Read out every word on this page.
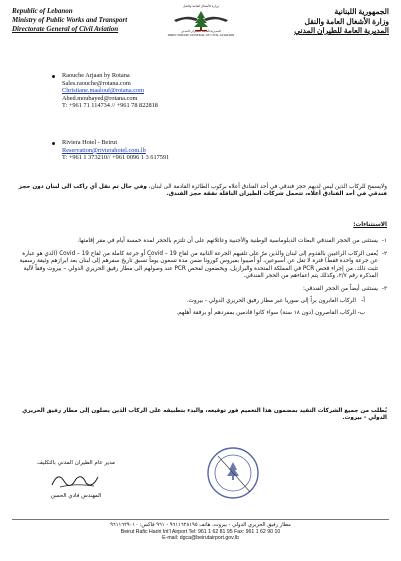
Republic of Lebanon
Ministry of Public Works and Transport
Directorate General of Civil Aviation
وزارة الأشغال العامة والنقل
المديرية العامة للطيران المدني
DIRECTORATE GENERAL OF CIVIL AVIATION
الجمهورية اللبنانية
وزارة الأشغال العامة والنقل
المديرية العامة للطيران المدني
Raouche Arjaan by Rotana
Sales.raouche@rotana.com
Christiane.maalouf@rotana.com
Abed.moubayed@rotana.com
T: +961 71 114734 // +961 78 822818
Riviera Hotel - Beirut
Reservation@rivierahotel.com.lb
T: +961 1 373210// +961 0096 1 3 617591
ولايسمح للركاب الذين ليس لديهم حجز فندقي في أحد الفنادق أعلاه بركوب الطائرة القادمة الى لبنان، وفي حال تم نقل أي راكب الى لبنان دون حجز فندقي في أحد الفنادق أعلاه، تتحمل شركات الطيران الناقلة نفقة حجز الفندق.
الاستثناءات:
١-
يستثنى من الحجر الفندقي البعثات الدبلوماسية الوطنية والأجنبية وعائلاتهم على أن تلتزم بالحجر لمدة خمسة أيام في مقر إقامتها.
٢-
يُعفى الركاب الراغبين بالقدوم إلى لبنان والذين مرّ على تلقيهم الجرعة الثانية من لقاح Covid – 19 أو جرعة كاملة من لقاح Covid – 19 (الذي هو عبارة عن جرعة واحدة فقط) فترة لا تقل عن أسبوعين، أو أصيبوا بفيروس كورونا ضمن مدة تسعون يوماً تسبق تاريخ سفرهم إلى لبنان بعد ابرازهم وثيقة رسمية تثبت ذلك، من إجراء فحص PCR في المملكة المتحدة والبرازيل، ويخضعون لفحص PCR عند وصولهم الى مطار رفيق الحريري الدولي – بيروت وفقاً لآلية المذكرة رقم ٢/٧، وكذلك يتم اعفاءهم من الحجر الفندقي.
٣-
يستثنى أيضاً من الحجر الفندقي:
أ-
الركاب العابرون براً إلى سوريا عبر مطار رفيق الحريري الدولي - بيروت.
ب-
الركاب القاصرون (دون ١٨ سنة) سواء كانوا قادمين بمفردهم أو برفقة أهلهم.
يُطلب من جميع الشركات التقيد بمضمون هذا التعميم فور توقيعه، والبدء بتطبيقه على الركاب الذين يصلون إلى مطار رفيق الحريري الدولي - بيروت.
مدير عام الطيران المدني بالتكليف
المهندس فادي الحسن
مطار رفيق الحريري الدولي - بيروت، هاتف ٩٦١١٦٢٨١٩٥ - ٩٦١ فاكس: ٩٦١١٦٢٩٠١٠
Beirut Rafic Hariri Int'l Airport Tel: 961 1 62 81 95 Fax: 961 1 62 90 10
E-mail: dgca@beirutairport.gov.lb
